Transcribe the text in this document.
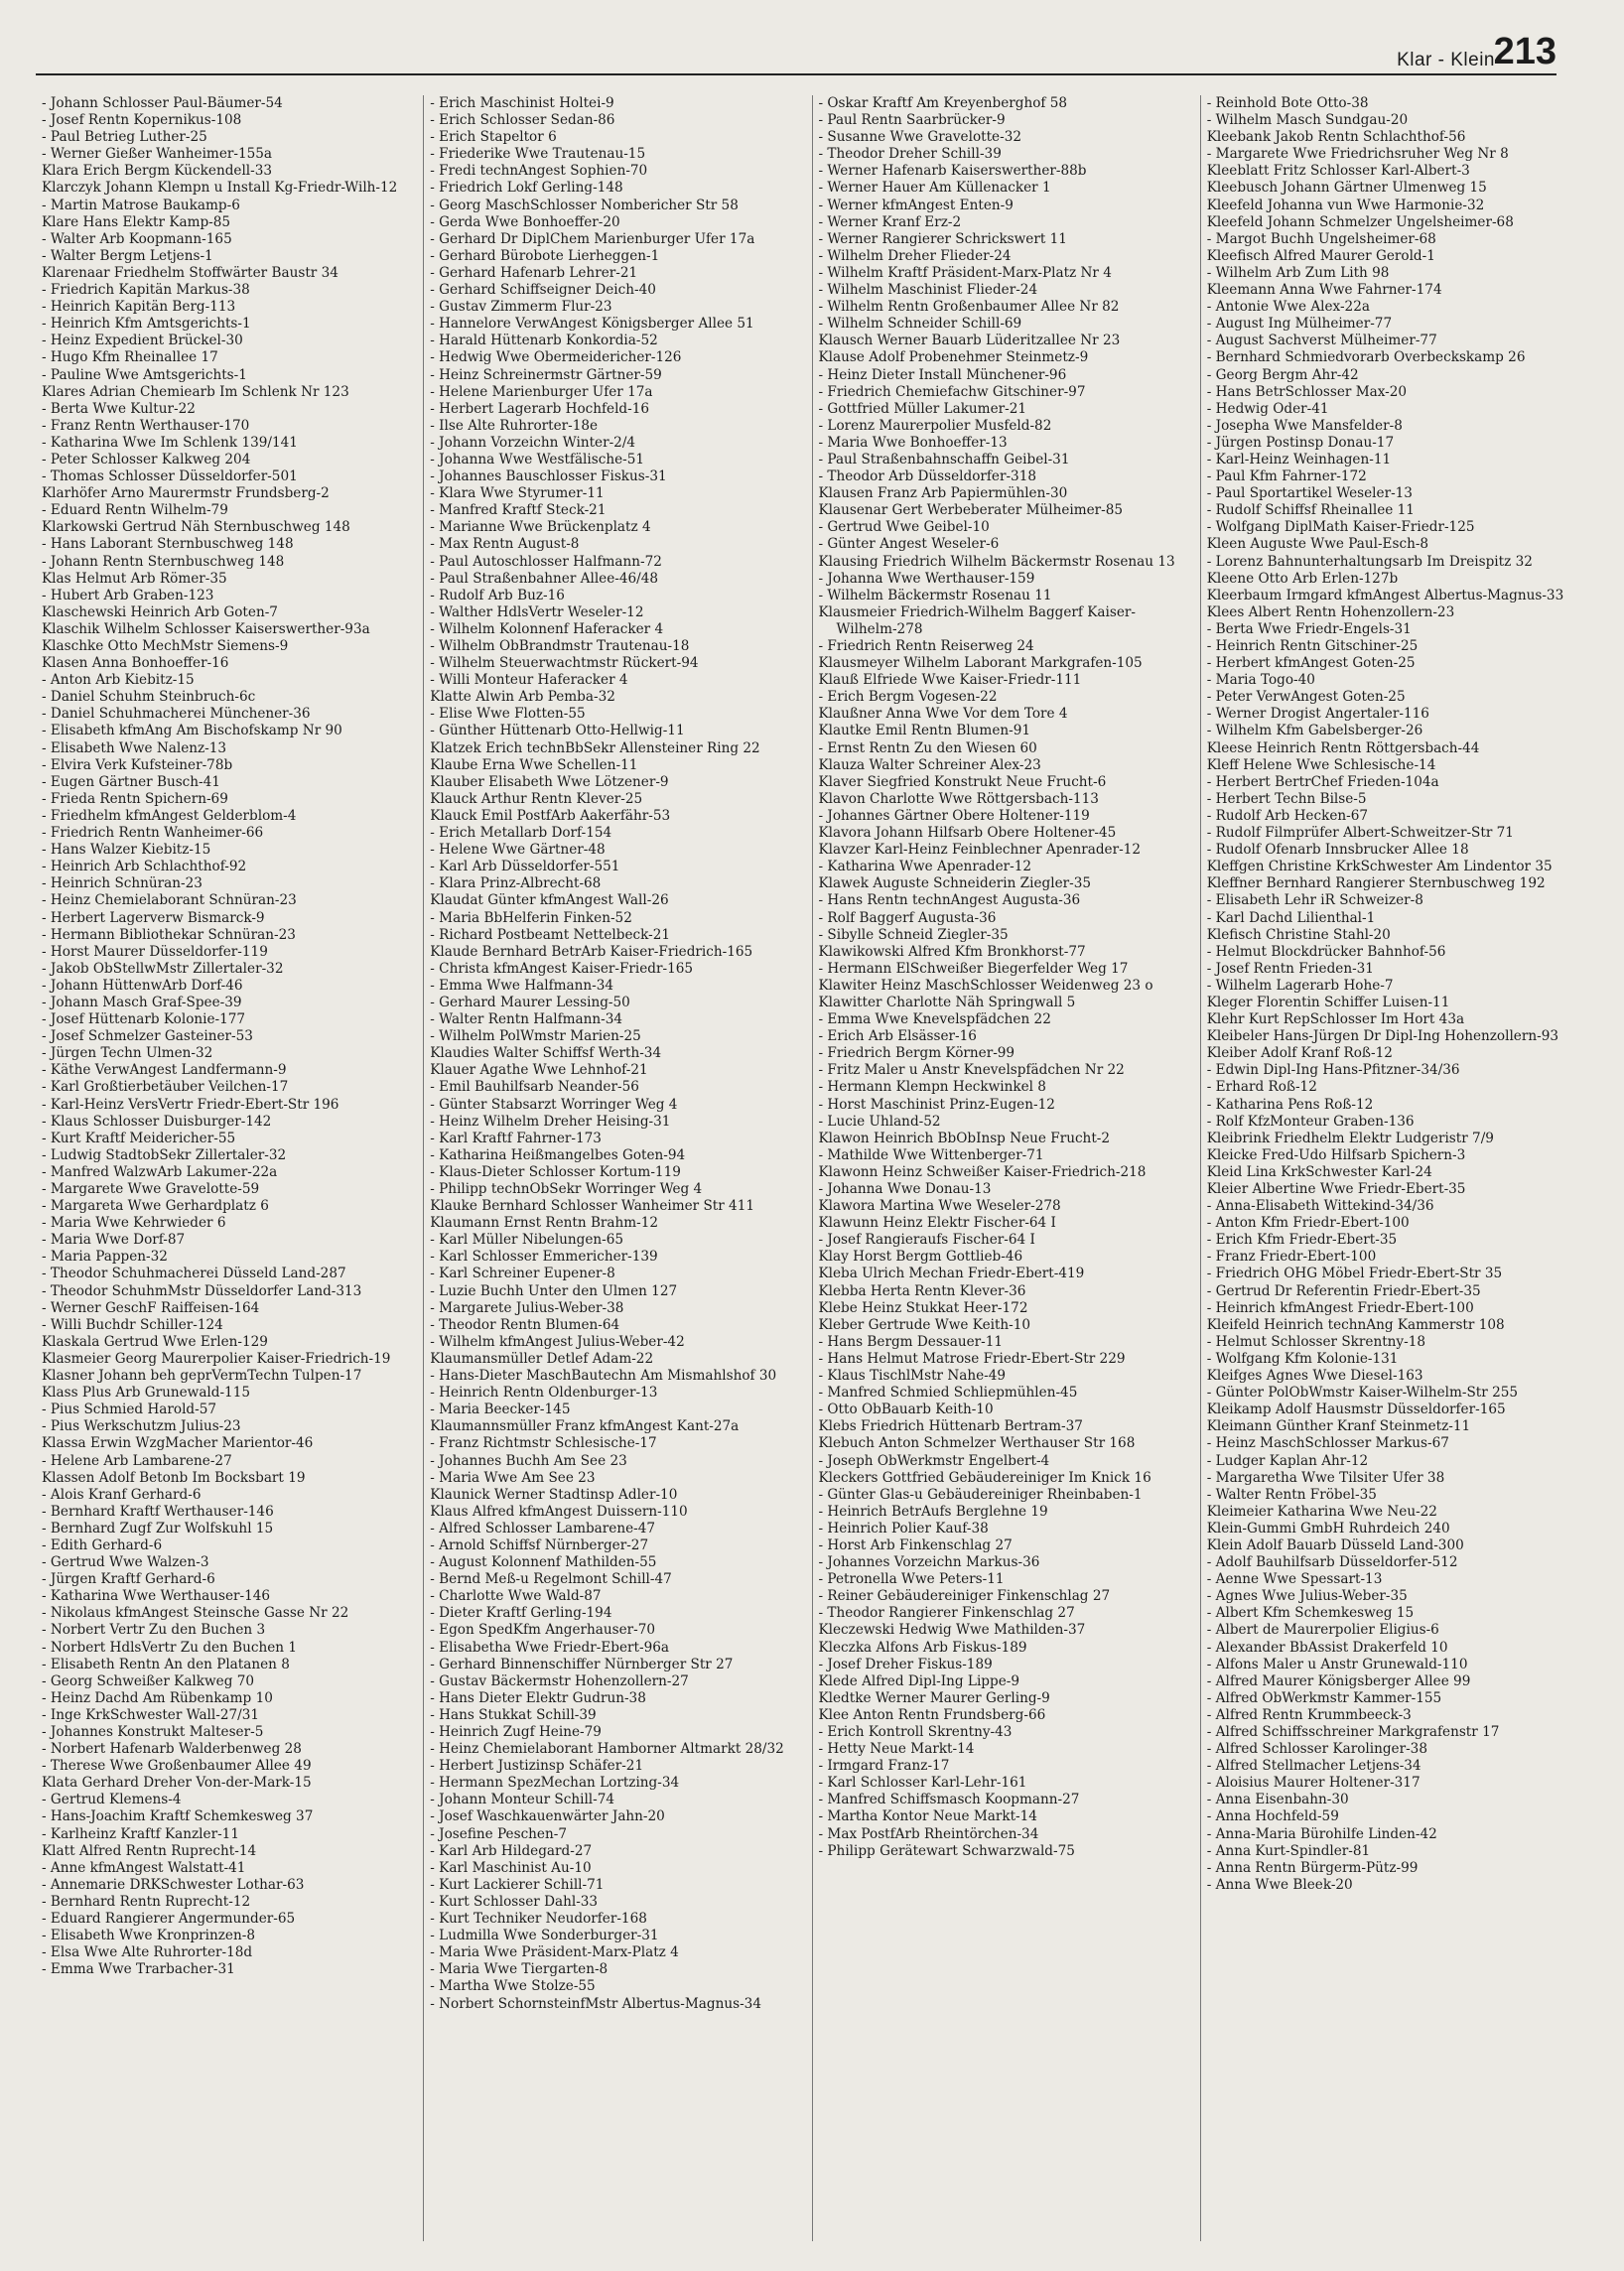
Klar - Klein
213

- Johann Schlosser Paul-Bäumer-54

- Josef Rentn Kopernikus-108

- Paul Betrieg Luther-25

- Werner Gießer Wanheimer-155a

Klara Erich Bergm Kückendell-33

Klarczyk Johann Klempn u Install Kg-Friedr-Wilh-12

- Martin Matrose Baukamp-6

Klare Hans Elektr Kamp-85

- Walter Arb Koopmann-165

- Walter Bergm Letjens-1

Klarenaar Friedhelm Stoffwärter Baustr 34

- Friedrich Kapitän Markus-38

- Heinrich Kapitän Berg-113

- Heinrich Kfm Amtsgerichts-1

- Heinz Expedient Brückel-30

- Hugo Kfm Rheinallee 17

- Pauline Wwe Amtsgerichts-1

Klares Adrian Chemiearb Im Schlenk Nr 123

- Berta Wwe Kultur-22

- Franz Rentn Werthauser-170

- Katharina Wwe Im Schlenk 139/141

- Peter Schlosser Kalkweg 204

- Thomas Schlosser Düsseldorfer-501

Klarhöfer Arno Maurermstr Frundsberg-2

- Eduard Rentn Wilhelm-79

Klarkowski Gertrud Näh Sternbuschweg 148

- Hans Laborant Sternbuschweg 148

- Johann Rentn Sternbuschweg 148

Klas Helmut Arb Römer-35

- Hubert Arb Graben-123

Klaschewski Heinrich Arb Goten-7

Klaschik Wilhelm Schlosser Kaiserswerther-93a

Klaschke Otto MechMstr Siemens-9

Klasen Anna Bonhoeffer-16

- Anton Arb Kiebitz-15

- Daniel Schuhm Steinbruch-6c

- Daniel Schuhmacherei Münchener-36

- Elisabeth kfmAng Am Bischofskamp Nr 90

- Elisabeth Wwe Nalenz-13

- Elvira Verk Kufsteiner-78b

- Eugen Gärtner Busch-41

- Frieda Rentn Spichern-69

- Friedhelm kfmAngest Gelderblom-4

- Friedrich Rentn Wanheimer-66

- Hans Walzer Kiebitz-15

- Heinrich Arb Schlachthof-92

- Heinrich Schnüran-23

- Heinz Chemielaborant Schnüran-23

- Herbert Lagerverw Bismarck-9

- Hermann Bibliothekar Schnüran-23

- Horst Maurer Düsseldorfer-119

- Jakob ObStellwMstr Zillertaler-32

- Johann HüttenwArb Dorf-46

- Johann Masch Graf-Spee-39

- Josef Hüttenarb Kolonie-177

- Josef Schmelzer Gasteiner-53

- Jürgen Techn Ulmen-32

- Käthe VerwAngest Landfermann-9

- Karl Großtierbetäuber Veilchen-17

- Karl-Heinz VersVertr Friedr-Ebert-Str 196

- Klaus Schlosser Duisburger-142

- Kurt Kraftf Meidericher-55

- Ludwig StadtobSekr Zillertaler-32

- Manfred WalzwArb Lakumer-22a

- Margarete Wwe Gravelotte-59

- Margareta Wwe Gerhardplatz 6

- Maria Wwe Kehrwieder 6

- Maria Wwe Dorf-87

- Maria Pappen-32

- Theodor Schuhmacherei Düsseld Land-287

- Theodor SchuhmMstr Düsseldorfer Land-313

- Werner GeschF Raiffeisen-164

- Willi Buchdr Schiller-124

Klaskala Gertrud Wwe Erlen-129

Klasmeier Georg Maurerpolier Kaiser-Friedrich-19

Klasner Johann beh geprVermTechn Tulpen-17

Klass Plus Arb Grunewald-115

- Pius Schmied Harold-57

- Pius Werkschutzm Julius-23

Klassa Erwin WzgMacher Marientor-46

- Helene Arb Lambarene-27

Klassen Adolf Betonb Im Bocksbart 19

- Alois Kranf Gerhard-6

- Bernhard Kraftf Werthauser-146

- Bernhard Zugf Zur Wolfskuhl 15

- Edith Gerhard-6

- Gertrud Wwe Walzen-3

- Jürgen Kraftf Gerhard-6

- Katharina Wwe Werthauser-146

- Nikolaus kfmAngest Steinsche Gasse Nr 22

- Norbert Vertr Zu den Buchen 3

- Norbert HdlsVertr Zu den Buchen 1

- Elisabeth Rentn An den Platanen 8

- Georg Schweißer Kalkweg 70

- Heinz Dachd Am Rübenkamp 10

- Inge KrkSchwester Wall-27/31

- Johannes Konstrukt Malteser-5

- Norbert Hafenarb Walderbenweg 28

- Therese Wwe Großenbaumer Allee 49

Klata Gerhard Dreher Von-der-Mark-15

- Gertrud Klemens-4

- Hans-Joachim Kraftf Schemkesweg 37

- Karlheinz Kraftf Kanzler-11

Klatt Alfred Rentn Ruprecht-14

- Anne kfmAngest Walstatt-41

- Annemarie DRKSchwester Lothar-63

- Bernhard Rentn Ruprecht-12

- Eduard Rangierer Angermunder-65

- Elisabeth Wwe Kronprinzen-8

- Elsa Wwe Alte Ruhrorter-18d

- Emma Wwe Trarbacher-31

- Erich Maschinist Holtei-9

- Erich Schlosser Sedan-86

- Erich Stapeltor 6

- Friederike Wwe Trautenau-15

- Fredi technAngest Sophien-70

- Friedrich Lokf Gerling-148

- Georg MaschSchlosser Nombericher Str 58

- Gerda Wwe Bonhoeffer-20

- Gerhard Dr DiplChem Marienburger Ufer 17a

- Gerhard Bürobote Lierheggen-1

- Gerhard Hafenarb Lehrer-21

- Gerhard Schiffseigner Deich-40

- Gustav Zimmerm Flur-23

- Hannelore VerwAngest Königsberger Allee 51

- Harald Hüttenarb Konkordia-52

- Hedwig Wwe Obermeidericher-126

- Heinz Schreinermstr Gärtner-59

- Helene Marienburger Ufer 17a

- Herbert Lagerarb Hochfeld-16

- Ilse Alte Ruhrorter-18e

- Johann Vorzeichn Winter-2/4

- Johanna Wwe Westfälische-51

- Johannes Bauschlosser Fiskus-31

- Klara Wwe Styrumer-11

- Manfred Kraftf Steck-21

- Marianne Wwe Brückenplatz 4

- Max Rentn August-8

- Paul Autoschlosser Halfmann-72

- Paul Straßenbahner Allee-46/48

- Rudolf Arb Buz-16

- Walther HdlsVertr Weseler-12

- Wilhelm Kolonnenf Haferacker 4

- Wilhelm ObBrandmstr Trautenau-18

- Wilhelm Steuerwachtmstr Rückert-94

- Willi Monteur Haferacker 4

Klatte Alwin Arb Pemba-32

- Elise Wwe Flotten-55

- Günther Hüttenarb Otto-Hellwig-11

Klatzek Erich technBbSekr Allensteiner Ring 22

Klaube Erna Wwe Schellen-11

Klauber Elisabeth Wwe Lötzener-9

Klauck Arthur Rentn Klever-25

Klauck Emil PostfArb Aakerfähr-53

- Erich Metallarb Dorf-154

- Helene Wwe Gärtner-48

- Karl Arb Düsseldorfer-551

- Klara Prinz-Albrecht-68

Klaudat Günter kfmAngest Wall-26

- Maria BbHelferin Finken-52

- Richard Postbeamt Nettelbeck-21

Klaude Bernhard BetrArb Kaiser-Friedrich-165

- Christa kfmAngest Kaiser-Friedr-165

- Emma Wwe Halfmann-34

- Gerhard Maurer Lessing-50

- Walter Rentn Halfmann-34

- Wilhelm PolWmstr Marien-25

Klaudies Walter Schiffsf Werth-34

Klauer Agathe Wwe Lehnhof-21

- Emil Bauhilfsarb Neander-56

- Günter Stabsarzt Worringer Weg 4

- Heinz Wilhelm Dreher Heising-31

- Karl Kraftf Fahrner-173

- Katharina Heißmangelbes Goten-94

- Klaus-Dieter Schlosser Kortum-119

- Philipp technObSekr Worringer Weg 4

Klauke Bernhard Schlosser Wanheimer Str 411

Klaumann Ernst Rentn Brahm-12

- Karl Müller Nibelungen-65

- Karl Schlosser Emmericher-139

- Karl Schreiner Eupener-8

- Luzie Buchh Unter den Ulmen 127

- Margarete Julius-Weber-38

- Theodor Rentn Blumen-64

- Wilhelm kfmAngest Julius-Weber-42

Klaumansmüller Detlef Adam-22

- Hans-Dieter MaschBautechn Am Mismahlshof 30

- Heinrich Rentn Oldenburger-13

- Maria Beecker-145

Klaumannsmüller Franz kfmAngest Kant-27a

- Franz Richtmstr Schlesische-17

- Johannes Buchh Am See 23

- Maria Wwe Am See 23

Klaunick Werner Stadtinsp Adler-10

Klaus Alfred kfmAngest Duissern-110

- Alfred Schlosser Lambarene-47

- Arnold Schiffsf Nürnberger-27

- August Kolonnenf Mathilden-55

- Bernd Meß-u Regelmont Schill-47

- Charlotte Wwe Wald-87

- Dieter Kraftf Gerling-194

- Egon SpedKfm Angerhauser-70

- Elisabetha Wwe Friedr-Ebert-96a

- Gerhard Binnenschiffer Nürnberger Str 27

- Gustav Bäckermstr Hohenzollern-27

- Hans Dieter Elektr Gudrun-38

- Hans Stukkat Schill-39

- Heinrich Zugf Heine-79

- Heinz Chemielaborant Hamborner Altmarkt 28/32

- Herbert Justizinsp Schäfer-21

- Hermann SpezMechan Lortzing-34

- Johann Monteur Schill-74

- Josef Waschkauenwärter Jahn-20

- Josefine Peschen-7

- Karl Arb Hildegard-27

- Karl Maschinist Au-10

- Kurt Lackierer Schill-71

- Kurt Schlosser Dahl-33

- Kurt Techniker Neudorfer-168

- Ludmilla Wwe Sonderburger-31

- Maria Wwe Präsident-Marx-Platz 4

- Maria Wwe Tiergarten-8

- Martha Wwe Stolze-55

- Norbert SchornsteinfMstr Albertus-Magnus-34

- Oskar Kraftf Am Kreyenberghof 58

- Paul Rentn Saarbrücker-9

- Susanne Wwe Gravelotte-32

- Theodor Dreher Schill-39

- Werner Hafenarb Kaiserswerther-88b

- Werner Hauer Am Küllenacker 1

- Werner kfmAngest Enten-9

- Werner Kranf Erz-2

- Werner Rangierer Schrickswert 11

- Wilhelm Dreher Flieder-24

- Wilhelm Kraftf Präsident-Marx-Platz Nr 4

- Wilhelm Maschinist Flieder-24

- Wilhelm Rentn Großenbaumer Allee Nr 82

- Wilhelm Schneider Schill-69

Klausch Werner Bauarb Lüderitzallee Nr 23

Klause Adolf Probenehmer Steinmetz-9

- Heinz Dieter Install Münchener-96

- Friedrich Chemiefachw Gitschiner-97

- Gottfried Müller Lakumer-21

- Lorenz Maurerpolier Musfeld-82

- Maria Wwe Bonhoeffer-13

- Paul Straßenbahnschaffn Geibel-31

- Theodor Arb Düsseldorfer-318

Klausen Franz Arb Papiermühlen-30

Klausenar Gert Werbeberater Mülheimer-85

- Gertrud Wwe Geibel-10

- Günter Angest Weseler-6

Klausing Friedrich Wilhelm Bäckermstr Rosenau 13

- Johanna Wwe Werthauser-159

- Wilhelm Bäckermstr Rosenau 11

Klausmeier Friedrich-Wilhelm Baggerf Kaiser-Wilhelm-278

- Friedrich Rentn Reiserweg 24

Klausmeyer Wilhelm Laborant Markgrafen-105

Klauß Elfriede Wwe Kaiser-Friedr-111

- Erich Bergm Vogesen-22

Klaußner Anna Wwe Vor dem Tore 4

Klautke Emil Rentn Blumen-91

- Ernst Rentn Zu den Wiesen 60

Klauza Walter Schreiner Alex-23

Klaver Siegfried Konstrukt Neue Frucht-6

Klavon Charlotte Wwe Röttgersbach-113

- Johannes Gärtner Obere Holtener-119

Klavora Johann Hilfsarb Obere Holtener-45

Klavzer Karl-Heinz Feinblechner Apenrader-12

- Katharina Wwe Apenrader-12

Klawek Auguste Schneiderin Ziegler-35

- Hans Rentn technAngest Augusta-36

- Rolf Baggerf Augusta-36

- Sibylle Schneid Ziegler-35

Klawikowski Alfred Kfm Bronkhorst-77

- Hermann ElSchweißer Biegerfelder Weg 17

Klawiter Heinz MaschSchlosser Weidenweg 23 o

Klawitter Charlotte Näh Springwall 5

- Emma Wwe Knevelspfädchen 22

- Erich Arb Elsässer-16

- Friedrich Bergm Körner-99

- Fritz Maler u Anstr Knevelspfädchen Nr 22

- Hermann Klempn Heckwinkel 8

- Horst Maschinist Prinz-Eugen-12

- Lucie Uhland-52

Klawon Heinrich BbObInsp Neue Frucht-2

- Mathilde Wwe Wittenberger-71

Klawonn Heinz Schweißer Kaiser-Friedrich-218

- Johanna Wwe Donau-13

Klawora Martina Wwe Weseler-278

Klawunn Heinz Elektr Fischer-64 I

- Josef Rangieraufs Fischer-64 I

Klay Horst Bergm Gottlieb-46

Kleba Ulrich Mechan Friedr-Ebert-419

Klebba Herta Rentn Klever-36

Klebe Heinz Stukkat Heer-172

Kleber Gertrude Wwe Keith-10

- Hans Bergm Dessauer-11

- Hans Helmut Matrose Friedr-Ebert-Str 229

- Klaus TischlMstr Nahe-49

- Manfred Schmied Schliepmühlen-45

- Otto ObBauarb Keith-10

Klebs Friedrich Hüttenarb Bertram-37

Klebuch Anton Schmelzer Werthauser Str 168

- Joseph ObWerkmstr Engelbert-4

Kleckers Gottfried Gebäudereiniger Im Knick 16

- Günter Glas-u Gebäudereiniger Rheinbaben-1

- Heinrich BetrAufs Berglehne 19

- Heinrich Polier Kauf-38

- Horst Arb Finkenschlag 27

- Johannes Vorzeichn Markus-36

- Petronella Wwe Peters-11

- Reiner Gebäudereiniger Finkenschlag 27

- Theodor Rangierer Finkenschlag 27

Kleczewski Hedwig Wwe Mathilden-37

Kleczka Alfons Arb Fiskus-189

- Josef Dreher Fiskus-189

Klede Alfred Dipl-Ing Lippe-9

Kledtke Werner Maurer Gerling-9

Klee Anton Rentn Frundsberg-66

- Erich Kontroll Skrentny-43

- Hetty Neue Markt-14

- Irmgard Franz-17

- Karl Schlosser Karl-Lehr-161

- Manfred Schiffsmasch Koopmann-27

- Martha Kontor Neue Markt-14

- Max PostfArb Rheintörchen-34

- Philipp Gerätewart Schwarzwald-75

- Reinhold Bote Otto-38

- Wilhelm Masch Sundgau-20

Kleebank Jakob Rentn Schlachthof-56

- Margarete Wwe Friedrichsruher Weg Nr 8

Kleeblatt Fritz Schlosser Karl-Albert-3

Kleebusch Johann Gärtner Ulmenweg 15

Kleefeld Johanna vun Wwe Harmonie-32

Kleefeld Johann Schmelzer Ungelsheimer-68

- Margot Buchh Ungelsheimer-68

Kleefisch Alfred Maurer Gerold-1

- Wilhelm Arb Zum Lith 98

Kleemann Anna Wwe Fahrner-174

- Antonie Wwe Alex-22a

- August Ing Mülheimer-77

- August Sachverst Mülheimer-77

- Bernhard Schmiedvorarb Overbeckskamp 26

- Georg Bergm Ahr-42

- Hans BetrSchlosser Max-20

- Hedwig Oder-41

- Josepha Wwe Mansfelder-8

- Jürgen Postinsp Donau-17

- Karl-Heinz Weinhagen-11

- Paul Kfm Fahrner-172

- Paul Sportartikel Weseler-13

- Rudolf Schiffsf Rheinallee 11

- Wolfgang DiplMath Kaiser-Friedr-125

Kleen Auguste Wwe Paul-Esch-8

- Lorenz Bahnunterhaltungsarb Im Dreispitz 32

Kleene Otto Arb Erlen-127b

Kleerbaum Irmgard kfmAngest Albertus-Magnus-33

Klees Albert Rentn Hohenzollern-23

- Berta Wwe Friedr-Engels-31

- Heinrich Rentn Gitschiner-25

- Herbert kfmAngest Goten-25

- Maria Togo-40

- Peter VerwAngest Goten-25

- Werner Drogist Angertaler-116

- Wilhelm Kfm Gabelsberger-26

Kleese Heinrich Rentn Röttgersbach-44

Kleff Helene Wwe Schlesische-14

- Herbert BertrChef Frieden-104a

- Herbert Techn Bilse-5

- Rudolf Arb Hecken-67

- Rudolf Filmprüfer Albert-Schweitzer-Str 71

- Rudolf Ofenarb Innsbrucker Allee 18

Kleffgen Christine KrkSchwester Am Lindentor 35

Kleffner Bernhard Rangierer Sternbuschweg 192

- Elisabeth Lehr iR Schweizer-8

- Karl Dachd Lilienthal-1

Klefisch Christine Stahl-20

- Helmut Blockdrücker Bahnhof-56

- Josef Rentn Frieden-31

- Wilhelm Lagerarb Hohe-7

Kleger Florentin Schiffer Luisen-11

Klehr Kurt RepSchlosser Im Hort 43a

Kleibeler Hans-Jürgen Dr Dipl-Ing Hohenzollern-93

Kleiber Adolf Kranf Roß-12

- Edwin Dipl-Ing Hans-Pfitzner-34/36

- Erhard Roß-12

- Katharina Pens Roß-12

- Rolf KfzMonteur Graben-136

Kleibrink Friedhelm Elektr Ludgeristr 7/9

Kleicke Fred-Udo Hilfsarb Spichern-3

Kleid Lina KrkSchwester Karl-24

Kleier Albertine Wwe Friedr-Ebert-35

- Anna-Elisabeth Wittekind-34/36

- Anton Kfm Friedr-Ebert-100

- Erich Kfm Friedr-Ebert-35

- Franz Friedr-Ebert-100

- Friedrich OHG Möbel Friedr-Ebert-Str 35

- Gertrud Dr Referentin Friedr-Ebert-35

- Heinrich kfmAngest Friedr-Ebert-100

Kleifeld Heinrich technAng Kammerstr 108

- Helmut Schlosser Skrentny-18

- Wolfgang Kfm Kolonie-131

Kleifges Agnes Wwe Diesel-163

- Günter PolObWmstr Kaiser-Wilhelm-Str 255

Kleikamp Adolf Hausmstr Düsseldorfer-165

Kleimann Günther Kranf Steinmetz-11

- Heinz MaschSchlosser Markus-67

- Ludger Kaplan Ahr-12

- Margaretha Wwe Tilsiter Ufer 38

- Walter Rentn Fröbel-35

Kleimeier Katharina Wwe Neu-22

Klein-Gummi GmbH Ruhrdeich 240

Klein Adolf Bauarb Düsseld Land-300

- Adolf Bauhilfsarb Düsseldorfer-512

- Aenne Wwe Spessart-13

- Agnes Wwe Julius-Weber-35

- Albert Kfm Schemkesweg 15

- Albert de Maurerpolier Eligius-6

- Alexander BbAssist Drakerfeld 10

- Alfons Maler u Anstr Grunewald-110

- Alfred Maurer Königsberger Allee 99

- Alfred ObWerkmstr Kammer-155

- Alfred Rentn Krummbeeck-3

- Alfred Schiffsschreiner Markgrafenstr 17

- Alfred Schlosser Karolinger-38

- Alfred Stellmacher Letjens-34

- Aloisius Maurer Holtener-317

- Anna Eisenbahn-30

- Anna Hochfeld-59

- Anna-Maria Bürohilfe Linden-42

- Anna Kurt-Spindler-81

- Anna Rentn Bürgerm-Pütz-99

- Anna Wwe Bleek-20
